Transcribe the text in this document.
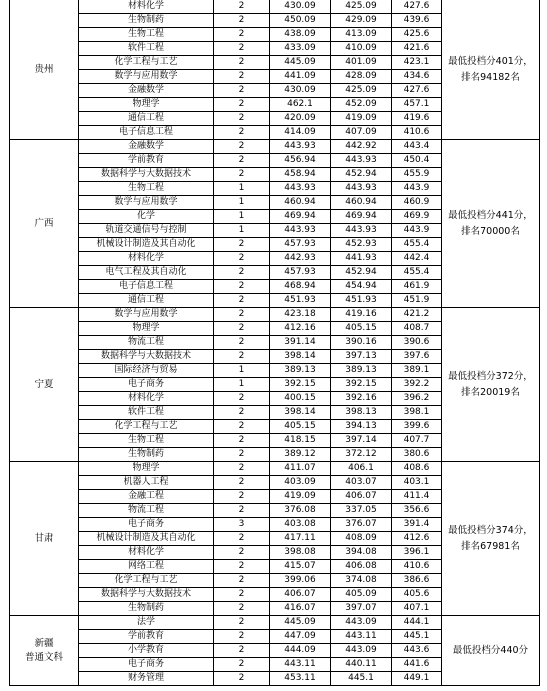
贵州	材料化学	2	430.09	425.09	427.6	最低投档分401分，排名94182名
	生物制药	2	450.09	429.09	439.6	
	生物工程	2	438.09	413.09	425.6	
	软件工程	2	433.09	410.09	421.6	
	化学工程与工艺	2	445.09	401.09	423.1	
	数学与应用数学	2	441.09	428.09	434.6	
	金融数学	2	430.09	425.09	427.6	
	物理学	2	462.1	452.09	457.1	
	通信工程	2	420.09	419.09	419.6	
	电子信息工程	2	414.09	407.09	410.6	

广西	金融数学	2	443.93	442.92	443.4	最低投档分441分，排名70000名
	学前教育	2	456.94	443.93	450.4	
	数据科学与大数据技术	2	458.94	452.94	455.9	
	生物工程	1	443.93	443.93	443.9	
	数学与应用数学	1	460.94	460.94	460.9	
	化学	1	469.94	469.94	469.9	
	轨道交通信号与控制	1	443.93	443.93	443.9	
	机械设计制造及其自动化	2	457.93	452.93	455.4	
	材料化学	2	442.93	441.93	442.4	
	电气工程及其自动化	2	457.93	452.94	455.4	
	电子信息工程	2	468.94	454.94	461.9	
	通信工程	2	451.93	451.93	451.9	

宁夏	数学与应用数学	2	423.18	419.16	421.2	最低投档分372分，排名20019名
	物理学	2	412.16	405.15	408.7	
	物流工程	2	391.14	390.16	390.6	
	数据科学与大数据技术	2	398.14	397.13	397.6	
	国际经济与贸易	1	389.13	389.13	389.1	
	电子商务	1	392.15	392.15	392.2	
	材料化学	2	400.15	392.16	396.2	
	软件工程	2	398.14	398.13	398.1	
	化学工程与工艺	2	405.15	394.13	399.6	
	生物工程	2	418.15	397.14	407.7	
	生物制药	2	389.12	372.12	380.6	

甘肃	物理学	2	411.07	406.1	408.6	最低投档分374分，排名67981名
	机器人工程	2	403.09	403.07	403.1	
	金融工程	2	419.09	406.07	411.4	
	物流工程	2	376.08	337.05	356.6	
	电子商务	3	403.08	376.07	391.4	
	机械设计制造及其自动化	2	417.11	408.09	412.6	
	材料化学	2	398.08	394.08	396.1	
	网络工程	2	415.07	406.08	410.6	
	化学工程与工艺	2	399.06	374.08	386.6	
	数据科学与大数据技术	2	406.07	405.09	405.6	
	生物制药	2	416.07	397.07	407.1	

新疆
普通文科	法学	2	445.09	443.09	444.1	最低投档分440分
	学前教育	2	447.09	443.11	445.1	
	小学教育	2	444.09	443.09	443.6	
	电子商务	2	443.11	440.11	441.6	
	财务管理	2	453.11	445.1	449.1	
